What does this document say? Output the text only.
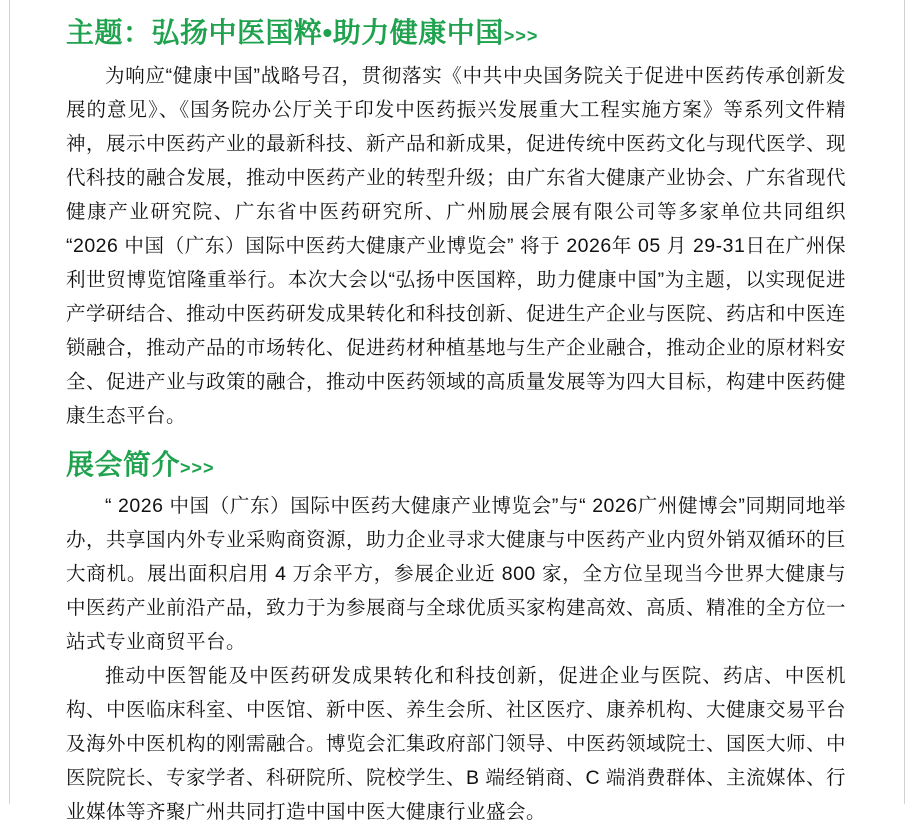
主题：弘扬中医国粹•助力健康中国>>>

为响应“健康中国”战略号召，贯彻落实《中共中央国务院关于促进中医药传承创新发展的意见》、《国务院办公厅关于印发中医药振兴发展重大工程实施方案》等系列文件精神，展示中医药产业的最新科技、新产品和新成果，促进传统中医药文化与现代医学、现代科技的融合发展，推动中医药产业的转型升级；由广东省大健康产业协会、广东省现代健康产业研究院、广东省中医药研究所、广州励展会展有限公司等多家单位共同组织“2026 中国（广东）国际中医药大健康产业博览会” 将于 2026年 05 月 29-31日在广州保利世贸博览馆隆重举行。本次大会以“弘扬中医国粹，助力健康中国”为主题，以实现促进产学研结合、推动中医药研发成果转化和科技创新、促进生产企业与医院、药店和中医连锁融合，推动产品的市场转化、促进药材种植基地与生产企业融合，推动企业的原材料安全、促进产业与政策的融合，推动中医药领域的高质量发展等为四大目标，构建中医药健康生态平台。

展会简介>>>

“ 2026 中国（广东）国际中医药大健康产业博览会”与“ 2026广州健博会”同期同地举办，共享国内外专业采购商资源，助力企业寻求大健康与中医药产业内贸外销双循环的巨大商机。展出面积启用 4 万余平方，参展企业近 800 家，全方位呈现当今世界大健康与中医药产业前沿产品，致力于为参展商与全球优质买家构建高效、高质、精准的全方位一站式专业商贸平台。

推动中医智能及中医药研发成果转化和科技创新，促进企业与医院、药店、中医机构、中医临床科室、中医馆、新中医、养生会所、社区医疗、康养机构、大健康交易平台及海外中医机构的刚需融合。博览会汇集政府部门领导、中医药领域院士、国医大师、中医院院长、专家学者、科研院所、院校学生、B 端经销商、C 端消费群体、主流媒体、行业媒体等齐聚广州共同打造中国中医大健康行业盛会。
